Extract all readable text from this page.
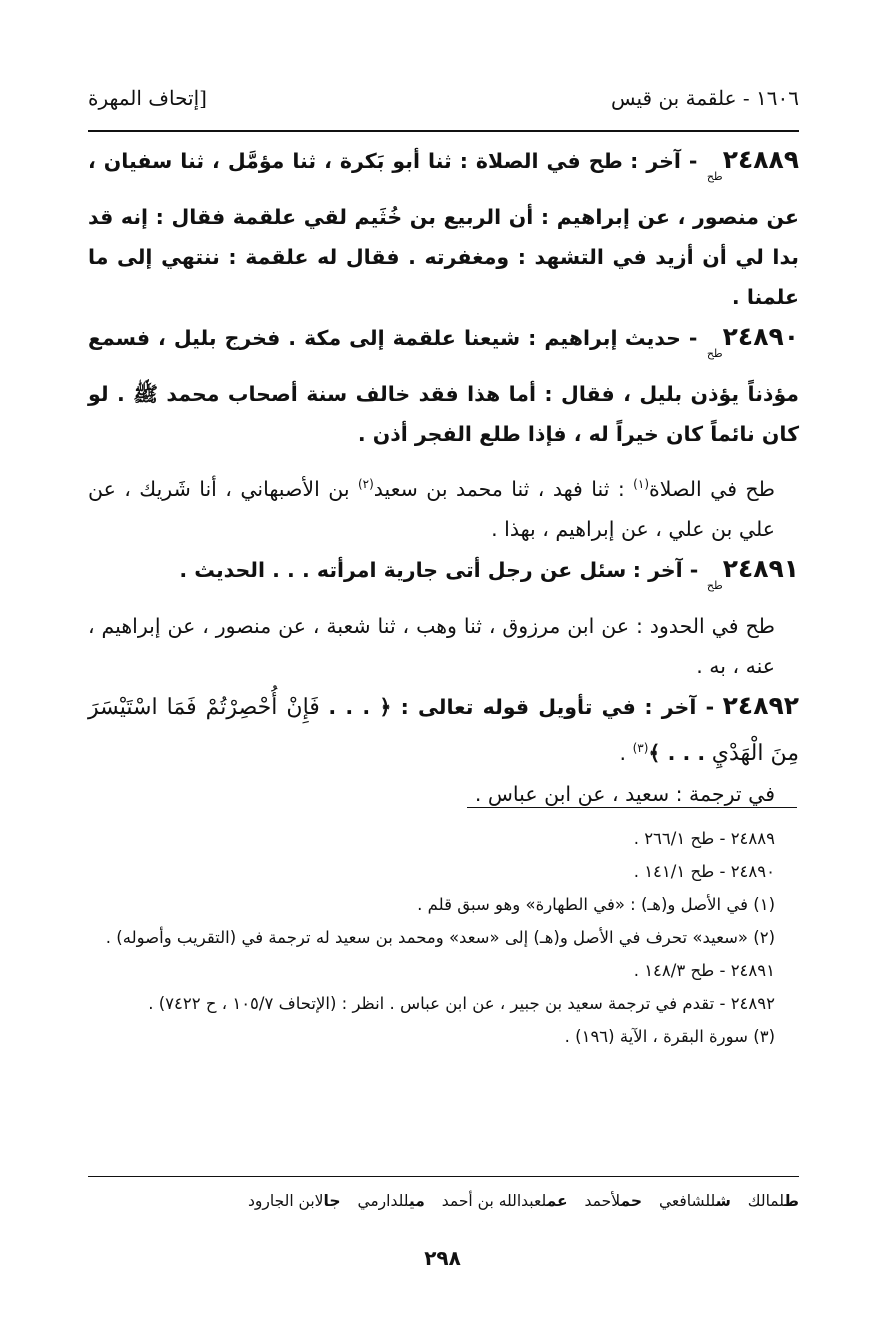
١٦٠٦ - علقمة بن قيس
[إتحاف المهرة

$٢٤٨٨٩_{طح}$ - آخر : طح في الصلاة : ثنا أبو بَكرة ، ثنا مؤمَّل ، ثنا سفيان ، عن منصور ، عن إبراهيم : أن الربيع بن خُثَيم لقي علقمة فقال : إنه قد بدا لي أن أزيد في التشهد : ومغفرته . فقال له علقمة : ننتهي إلى ما علمنا .

$٢٤٨٩٠_{طح}$ - حديث إبراهيم : شيعنا علقمة إلى مكة . فخرج بليل ، فسمع مؤذناً يؤذن بليل ، فقال : أما هذا فقد خالف سنة أصحاب محمد ﷺ . لو كان نائماً كان خيراً له ، فإذا طلع الفجر أذن .

طح في الصلاة$^{(١)}$ : ثنا فهد ، ثنا محمد بن سعيد$^{(٢)}$ بن الأصبهاني ، أنا شَريك ، عن علي بن علي ، عن إبراهيم ، بهذا .

$٢٤٨٩١_{طح}$ - آخر : سئل عن رجل أتى جارية امرأته . . . الحديث .

طح في الحدود : عن ابن مرزوق ، ثنا وهب ، ثنا شعبة ، عن منصور ، عن إبراهيم ، عنه ، به .

٢٤٨٩٢ - آخر : في تأويل قوله تعالى : ﴿ . . . فَإِنْ أُحْصِرْتُمْ فَمَا اسْتَيْسَرَ مِنَ الْهَدْيِ . . . ﴾$^{(٣)}$ .

في ترجمة : سعيد ، عن ابن عباس .

٢٤٨٨٩ - طح ٢٦٦/١ .
٢٤٨٩٠ - طح ١٤١/١ .
(١) في الأصل و(هـ) : «في الطهارة» وهو سبق قلم .
(٢) «سعيد» تحرف في الأصل و(هـ) إلى «سعد» ومحمد بن سعيد له ترجمة في (التقريب وأصوله) .
٢٤٨٩١ - طح ١٤٨/٣ .
٢٤٨٩٢ - تقدم في ترجمة سعيد بن جبير ، عن ابن عباس . انظر : (الإتحاف ١٠٥/٧ ، ح ٧٤٢٢) .
(٣) سورة البقرة ، الآية (١٩٦) .
طلمالك شللشافعي حملأحمد عملعبدالله بن أحمد ميللدارمي جالابن الجارود
٢٩٨
